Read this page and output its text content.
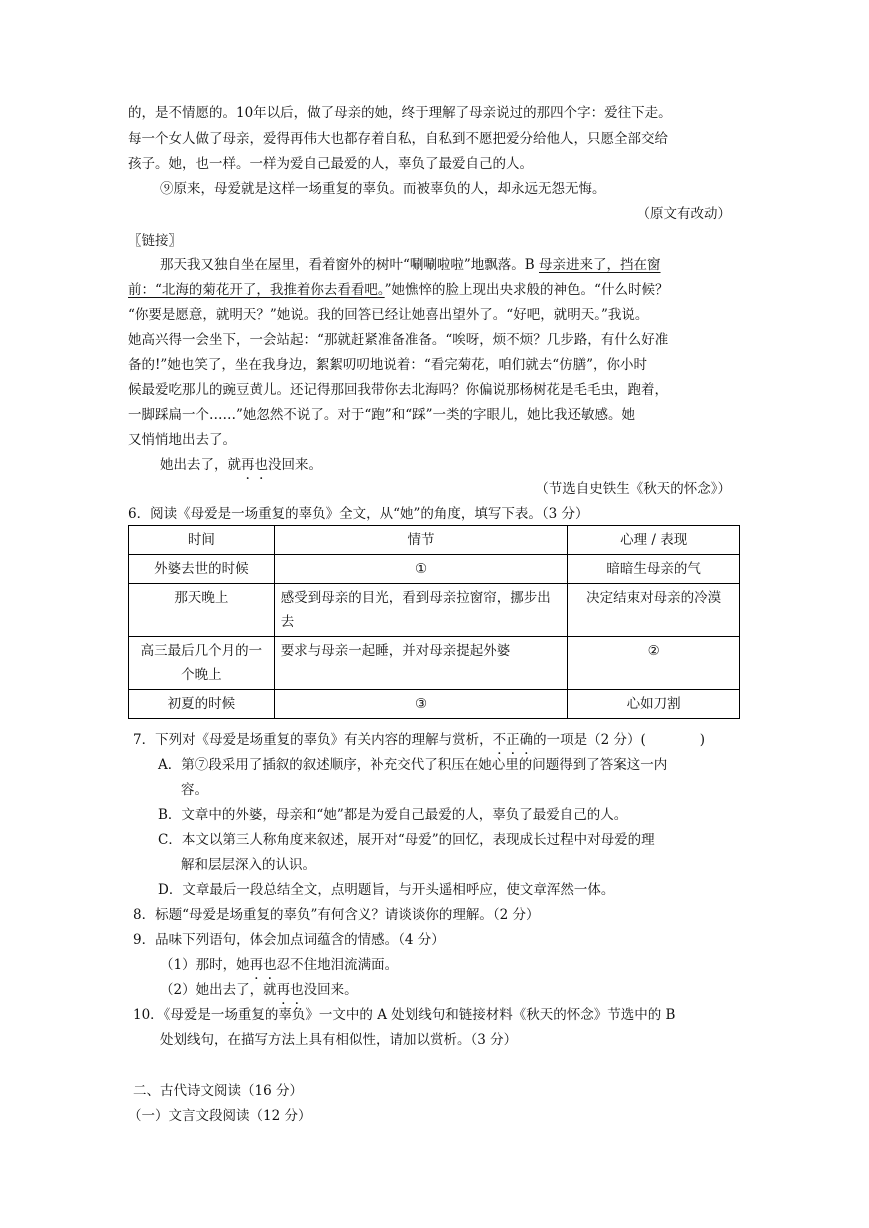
的，是不情愿的。10年以后，做了母亲的她，终于理解了母亲说过的那四个字：爱往下走。
每一个女人做了母亲，爱得再伟大也都存着自私，自私到不愿把爱分给他人，只愿全部交给
孩子。她，也一样。一样为爱自己最爱的人，辜负了最爱自己的人。
⑨原来，母爱就是这样一场重复的辜负。而被辜负的人，却永远无怨无悔。
（原文有改动）
〖链接〗
那天我又独自坐在屋里，看着窗外的树叶“唰唰啦啦”地飘落。B 母亲进来了，挡在窗
前：“北海的菊花开了，我推着你去看看吧。”她憔悴的脸上现出央求般的神色。“什么时候？
“你要是愿意，就明天？”她说。我的回答已经让她喜出望外了。“好吧，就明天。”我说。
她高兴得一会坐下，一会站起：“那就赶紧准备准备。“唉呀，烦不烦？几步路，有什么好准
备的!”她也笑了，坐在我身边，絮絮叨叨地说着：“看完菊花，咱们就去“仿膳”，你小时
候最爱吃那儿的豌豆黄儿。还记得那回我带你去北海吗？你偏说那杨树花是毛毛虫，跑着，
一脚踩扁一个……”她忽然不说了。对于“跑”和“踩”一类的字眼儿，她比我还敏感。她
又悄悄地出去了。
她出去了，就再也没回来。
（节选自史铁生《秋天的怀念》）
6．阅读《母爱是一场重复的辜负》全文，从“她”的角度，填写下表。（3 分）
时间	情节	心理 / 表现
外婆去世的时候	①	暗暗生母亲的气
那天晚上	感受到母亲的目光，看到母亲拉窗帘，挪步出去	决定结束对母亲的冷漠
高三最后几个月的一个晚上	要求与母亲一起睡，并对母亲提起外婆	②
初夏的时候	③	心如刀割
7．下列对《母爱是场重复的辜负》有关内容的理解与赏析，不正确的一项是（2 分）(　　　　)
A．第⑦段采用了插叙的叙述顺序，补充交代了积压在她心里的问题得到了答案这一内
容。
B．文章中的外婆，母亲和“她”都是为爱自己最爱的人，辜负了最爱自己的人。
C．本文以第三人称角度来叙述，展开对“母爱”的回忆，表现成长过程中对母爱的理
解和层层深入的认识。
D．文章最后一段总结全文，点明题旨，与开头遥相呼应，使文章浑然一体。
8．标题“母爱是场重复的辜负”有何含义？请谈谈你的理解。（2 分）
9．品味下列语句，体会加点词蕴含的情感。（4 分）
（1）那时，她再也忍不住地泪流满面。
（2）她出去了，就再也没回来。
10．《母爱是一场重复的辜负》一文中的 A 处划线句和链接材料《秋天的怀念》节选中的 B
处划线句，在描写方法上具有相似性，请加以赏析。（3 分）
二、古代诗文阅读（16 分）
（一）文言文段阅读（12 分）
